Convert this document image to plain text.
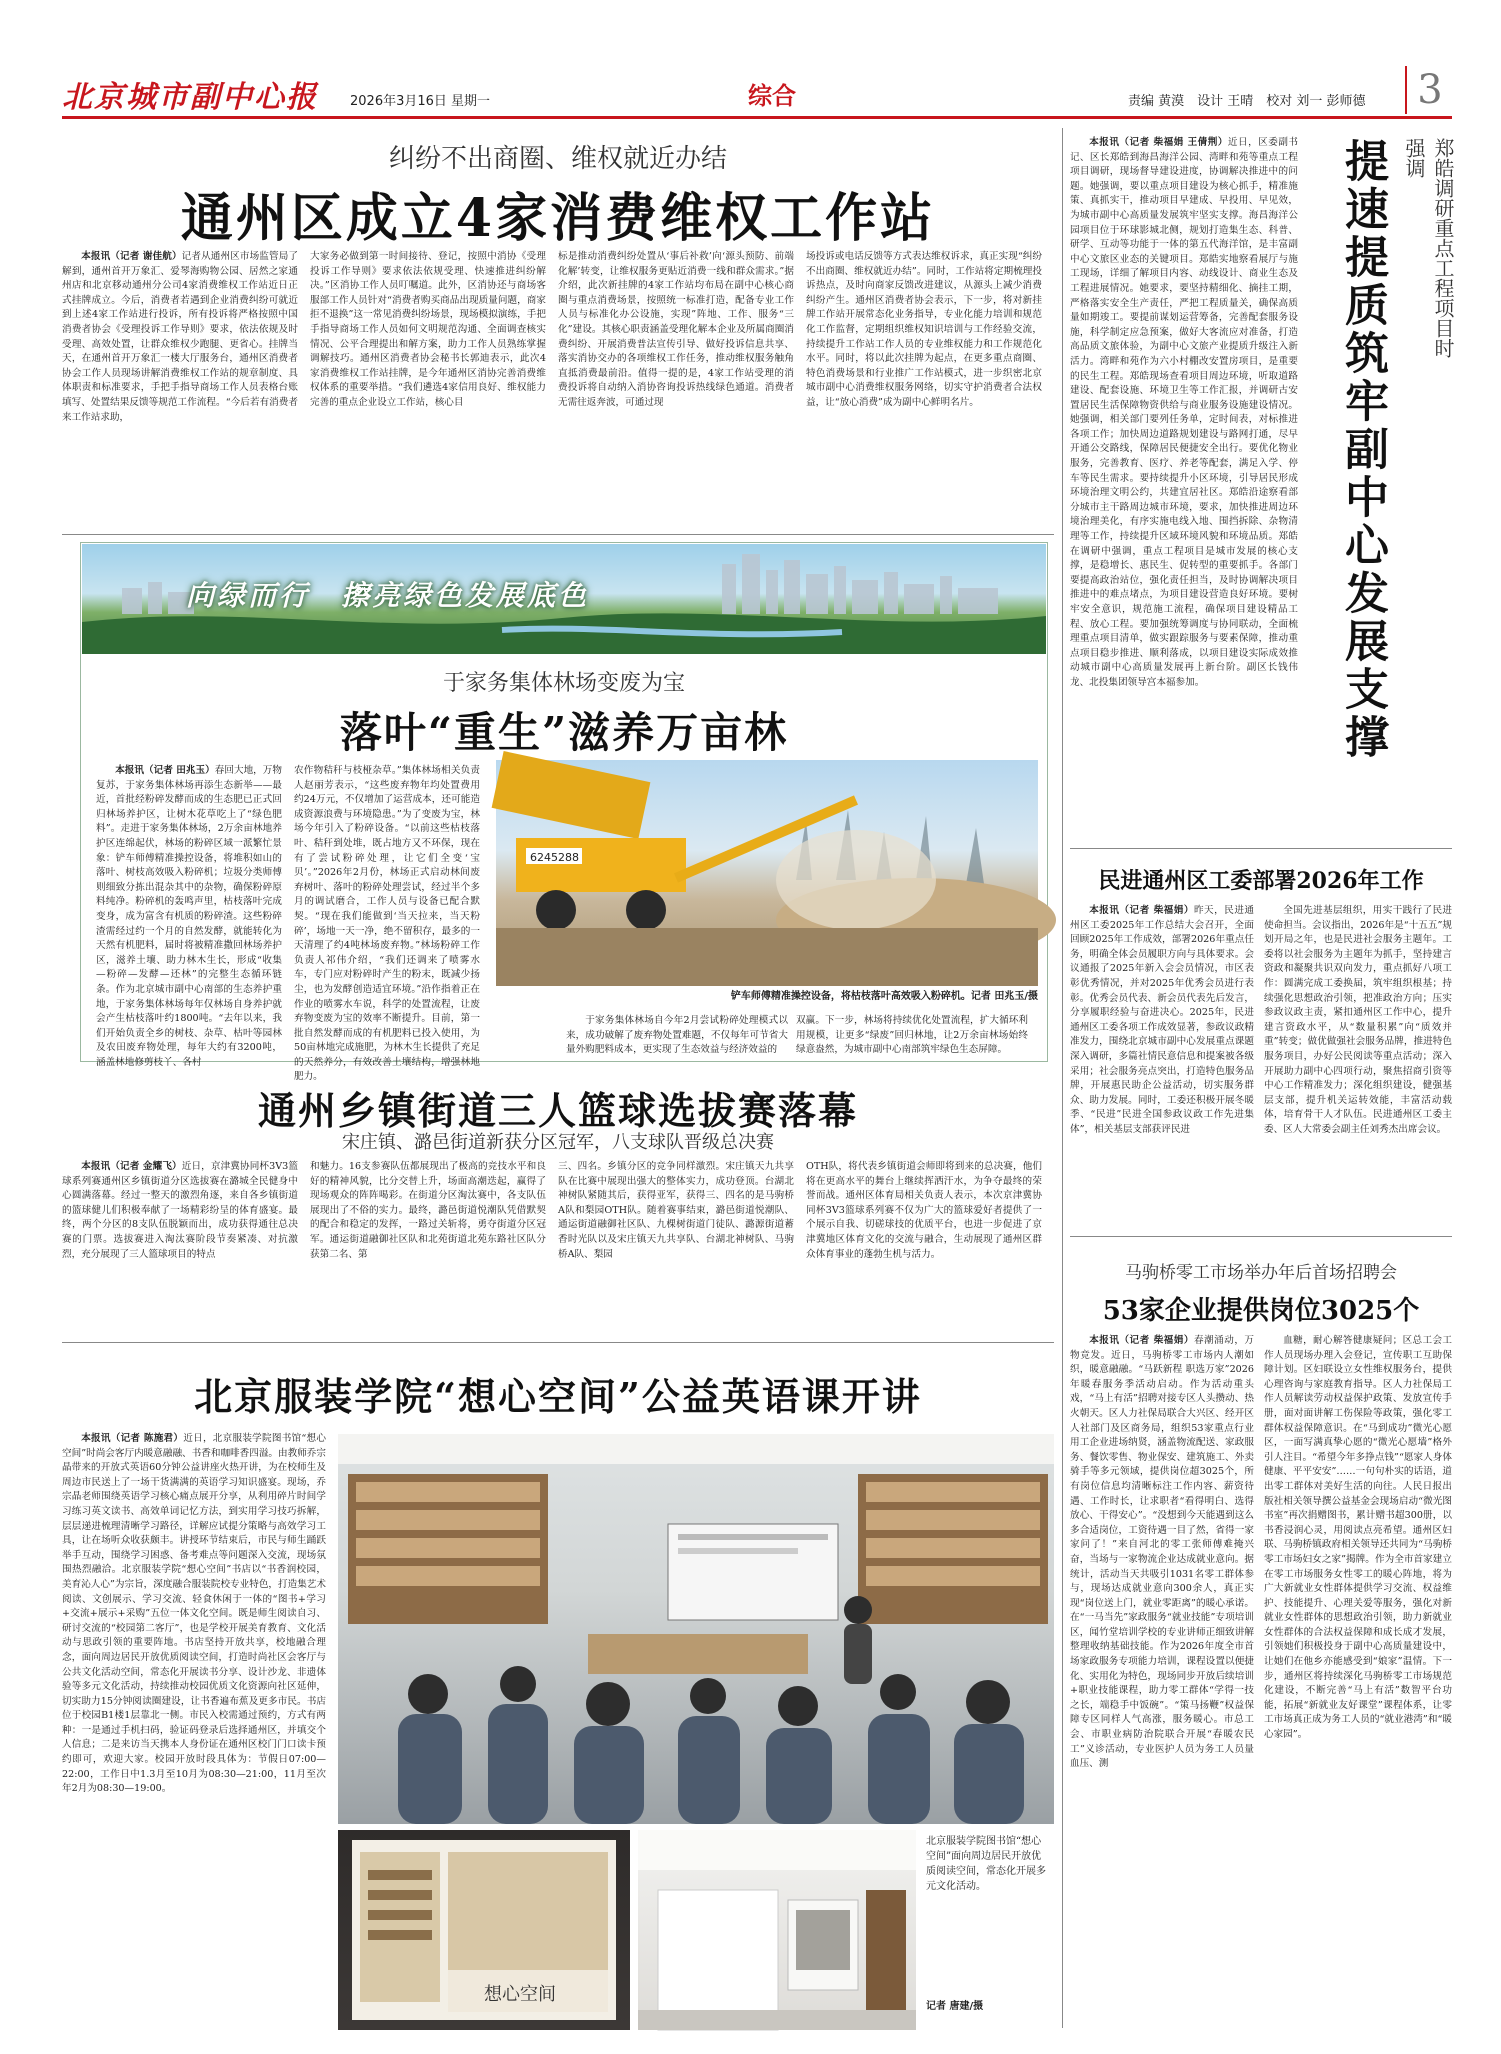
北京城市副中心报 2026年3月16日 星期一	综合	责编 黄漠　设计 王晴　校对 刘一 彭师德	3
纠纷不出商圈、维权就近办结
通州区成立4家消费维权工作站
本报讯（记者 谢佳航）记者从通州区市场监管局了解到，通州首开万象汇、爱琴海购物公园、居然之家通州店和北京移动通州分公司4家消费维权工作站近日正式挂牌成立。今后，消费者若遇到企业消费纠纷可就近到上述4家工作站进行投诉，所有投诉将严格按照中国消费者协会《受理投诉工作导则》要求，依法依规及时受理、高效处置，让群众维权少跑腿、更省心。挂牌当天，在通州首开万象汇一楼大厅服务台，通州区消费者协会工作人员现场讲解消费维权工作站的规章制度、具体职责和标准要求，手把手指导商场工作人员表格台账填写、处置结果反馈等规范工作流程。“今后若有消费者来工作站求助，
大家务必做到第一时间接待、登记，按照中消协《受理投诉工作导则》要求依法依规受理、快速推进纠纷解决。”区消协工作人员叮嘱道。此外，区消协还与商场客服部工作人员针对“消费者购买商品出现质量问题，商家拒不退换”这一常见消费纠纷场景，现场模拟演练，手把手指导商场工作人员如何文明规范沟通、全面调查核实情况、公平合理提出和解方案，助力工作人员熟练掌握调解技巧。通州区消费者协会秘书长郭迪表示，此次4家消费维权工作站挂牌，是今年通州区消协完善消费维权体系的重要举措。“我们遴选4家信用良好、维权能力完善的重点企业设立工作站，核心目
标是推动消费纠纷处置从‘事后补救’向‘源头预防、前端化解’转变，让维权服务更贴近消费一线和群众需求。”据介绍，此次新挂牌的4家工作站均布局在副中心核心商圈与重点消费场景，按照统一标准打造，配备专业工作人员与标准化办公设施，实现”阵地、工作、服务“三化”建设。其核心职责涵盖受理化解本企业及所属商圈消费纠纷、开展消费普法宣传引导、做好投诉信息共享、落实消协交办的各项维权工作任务，推动维权服务触角直抵消费最前沿。值得一提的是，4家工作站受理的消费投诉将自动纳入消协咨询投诉热线绿色通道。消费者无需往返奔波，可通过现
场投诉或电话反馈等方式表达维权诉求，真正实现“纠纷不出商圈、维权就近办结”。同时，工作站将定期梳理投诉热点，及时向商家反馈改进建议，从源头上减少消费纠纷产生。通州区消费者协会表示，下一步，将对新挂牌工作站开展常态化业务指导，专业化能力培训和规范化工作监督，定期组织维权知识培训与工作经验交流，持续提升工作站工作人员的专业维权能力和工作规范化水平。同时，将以此次挂牌为起点，在更多重点商圈、特色消费场景和行业推广工作站模式，进一步织密北京城市副中心消费维权服务网络，切实守护消费者合法权益，让“放心消费”成为副中心鲜明名片。
向绿而行　擦亮绿色发展底色
于家务集体林场变废为宝
落叶“重生”滋养万亩林
本报讯（记者 田兆玉）春回大地，万物复苏，于家务集体林场再添生态新举——最近，首批经粉碎发酵而成的生态肥已正式回归林场养护区，让树木花草吃上了“绿色肥料”。走进于家务集体林场，2万余亩林地养护区连绵起伏，林场的粉碎区域一派繁忙景象：铲车师傅精准操控设备，将堆积如山的落叶、树枝高效吸入粉碎机；垃圾分类师傅则细致分拣出混杂其中的杂物，确保粉碎原料纯净。粉碎机的轰鸣声里，枯枝落叶完成变身，成为富含有机质的粉碎渣。这些粉碎渣需经过约一个月的自然发酵，就能转化为天然有机肥料，届时将被精准撒回林场养护区，滋养土壤、助力林木生长，形成“收集—粉碎—发酵—还林”的完整生态循环链条。作为北京城市副中心南部的生态养护重地，于家务集体林场每年仅林场自身养护就会产生枯枝落叶约1800吨。“去年以来，我们开始负责全乡的树枝、杂草、枯叶等园林及农田废弃物处理，每年大约有3200吨，涵盖林地修剪枝丫、各村
农作物秸秆与枝桠杂草。”集体林场相关负责人赵丽芳表示，“这些废弃物年均处置费用约24万元，不仅增加了运营成本，还可能造成资源浪费与环境隐患。”为了变废为宝，林场今年引入了粉碎设备。“以前这些枯枝落叶、秸秆到处堆，既占地方又不环保，现在有了尝试粉碎处理，让它们全变‘宝贝’。”2026年2月份，林场正式启动林间废弃树叶、落叶的粉碎处理尝试，经过半个多月的调试磨合，工作人员与设备已配合默契。“现在我们能做到‘当天拉来，当天粉碎’，场地一天一净，绝不留积存，最多的一天清理了约4吨林场废弃物。”林场粉碎工作负责人祁伟介绍，“我们还调来了喷雾水车，专门应对粉碎时产生的粉末，既减少扬尘，也为发酵创造适宜环境。”沿作指着正在作业的喷雾水车说，科学的处置流程，让废弃物变废为宝的效率不断提升。目前，第一批自然发酵而成的有机肥料已投入使用，为50亩林地完成施肥，为林木生长提供了充足的天然养分，有效改善土壤结构，增强林地肥力。
6245288
铲车师傅精准操控设备，将枯枝落叶高效吸入粉碎机。记者 田兆玉/摄
于家务集体林场自今年2月尝试粉碎处理模式以来，成功破解了废弃物处置难题，不仅每年可节省大量外购肥料成本，更实现了生态效益与经济效益的
双赢。下一步，林场将持续优化处置流程，扩大循环利用规模，让更多“绿废”回归林地，让2万余亩林场始终绿意盎然，为城市副中心南部筑牢绿色生态屏障。
通州乡镇街道三人篮球选拔赛落幕
宋庄镇、潞邑街道新获分区冠军，八支球队晋级总决赛
本报讯（记者 金耀飞）近日，京津冀协同杯3V3篮球系列赛通州区乡镇街道分区选拔赛在潞城全民健身中心圆满落幕。经过一整天的激烈角逐，来自各乡镇街道的篮球健儿们积极奉献了一场精彩纷呈的体育盛宴。最终，两个分区的8支队伍脱颖而出，成功获得通往总决赛的门票。选拔赛进入淘汰赛阶段节奏紧凑、对抗激烈，充分展现了三人篮球项目的特点
和魅力。16支参赛队伍都展现出了极高的竞技水平和良好的精神风貌，比分交替上升，场面高潮迭起，赢得了现场观众的阵阵喝彩。在街道分区淘汰赛中，各支队伍展现出了不俗的实力。最终，潞邑街道悦潮队凭借默契的配合和稳定的发挥，一路过关斩将，勇夺街道分区冠军。通运街道融御社区队和北苑街道北苑东路社区队分获第二名、第
三、四名。乡镇分区的竞争同样激烈。宋庄镇天九共享队在比赛中展现出强大的整体实力，成功登顶。台湖北神树队紧随其后，获得亚军，获得三、四名的是马驹桥A队和梨园OTH队。随着赛事结束，潞邑街道悦潮队、通运街道融御社区队、九棵树街道门徒队、潞源街道蓄香时光队以及宋庄镇天九共享队、台湖北神树队、马驹桥A队、梨园
OTH队，将代表乡镇街道会师即将到来的总决赛，他们将在更高水平的舞台上继续挥洒汗水，为争夺最终的荣誉而战。通州区体育局相关负责人表示，本次京津冀协同杯3V3篮球系列赛不仅为广大的篮球爱好者提供了一个展示自我、切磋球技的优质平台，也进一步促进了京津冀地区体育文化的交流与融合，生动展现了通州区群众体育事业的蓬勃生机与活力。
北京服装学院“想心空间”公益英语课开讲
本报讯（记者 陈施君）近日，北京服装学院图书馆“想心空间”时尚会客厅内暖意融融、书香和咖啡香四溢。由教师乔宗晶带来的开放式英语60分钟公益讲座火热开讲，为在校师生及周边市民送上了一场干货满满的英语学习知识盛宴。现场，乔宗晶老师围绕英语学习核心痛点展开分享，从利用碎片时间学习练习英文读书、高效单词记忆方法，到实用学习技巧拆解，层层递进梳理清晰学习路径，详解应试提分策略与高效学习工具，让在场听众收获颇丰。讲授环节结束后，市民与师生踊跃举手互动，围绕学习困惑、备考难点等问题深入交流，现场氛围热烈融洽。北京服装学院“想心空间”书店以“书香润校园，美育沁人心”为宗旨，深度融合服装院校专业特色，打造集艺术阅读、文创展示、学习交流、轻食休闲于一体的“图书+学习+交流+展示+采购”五位一体文化空间。既是师生阅读自习、研讨交流的“校园第二客厅”，也是学校开展美育教育、文化活动与思政引领的重要阵地。书店坚持开放共享，校地融合理念，面向周边居民开放优质阅读空间，打造时尚社区会客厅与公共文化活动空间，常态化开展读书分享、设计沙龙、非遗体验等多元文化活动，持续推动校园优质文化资源向社区延伸，切实助力15分钟阅读圈建设，让书香遍布蕉及更多市民。书店位于校园B1楼1层靠北一侧。市民入校需通过预约，方式有两种：一是通过手机扫码，验证码登录后选择通州区，并填交个人信息；二是来访当天携本人身份证在通州区校门门口读卡预约即可，欢迎大家。校园开放时段具体为：节假日07:00—22:00，工作日中1.3月至10月为08:30—21:00，11月至次年2月为08:30—19:00。
想心空间
北京服装学院图书馆“想心空间”面向周边居民开放优质阅读空间，常态化开展多元文化活动。
记者 唐建/摄
本报讯（记者 柴福娟 王倩荆）近日，区委副书记、区长郑皓到海昌海洋公园、湾畔和苑等重点工程项目调研，现场督导建设进度，协调解决推进中的问题。她强调，要以重点项目建设为核心抓手，精准施策、真抓实干，推动项目早建成、早投用、早见效，为城市副中心高质量发展筑牢坚实支撑。海昌海洋公园项目位于环球影城北侧，规划打造集生态、科普、研学、互动等功能于一体的第五代海洋馆，是丰富副中心文旅区业态的关键项目。郑皓实地察看展厅与施工现场，详细了解项目内容、动线设计、商业生态及工程进展情况。她要求，要坚持精细化、摘挂工期，严格落实安全生产责任，严把工程质量关，确保高质量如期竣工。要提前谋划运营筹备，完善配套服务设施，科学制定应急预案，做好大客流应对准备，打造高品质文旅体验，为副中心文旅产业提质升级注入新活力。湾畔和苑作为六小村棚改安置房项目，是重要的民生工程。郑皓现场查看项目周边环境，听取道路建设、配套设施、环境卫生等工作汇报，并调研古安置居民生活保障物资供给与商业服务设施建设情况。她强调，相关部门要列任务单，定时间表，对标推进各项工作；加快周边道路规划建设与路网打通，尽早开通公交路线，保障居民便捷安全出行。要优化物业服务，完善教育、医疗、养老等配套，满足入学、停车等民生需求。要持续提升小区环境，引导居民形成环境治理文明公约，共建宜居社区。郑皓沿途察看部分城市主干路周边城市环境，要求，加快推进周边环境治理美化，有序实施电线入地、围挡拆除、杂物清理等工作，持续提升区域环境风貌和环境品质。郑皓在调研中强调，重点工程项目是城市发展的核心支撑，是稳增长、惠民生、促转型的重要抓手。各部门要提高政治站位，强化责任担当，及时协调解决项目推进中的难点堵点，为项目建设营造良好环境。要树牢安全意识，规范施工流程，确保项目建设精品工程、放心工程。要加强统筹调度与协同联动，全面梳理重点项目清单，做实跟踪服务与要素保障，推动重点项目稳步推进、顺利落成，以项目建设实际成效推动城市副中心高质量发展再上新台阶。副区长钱伟龙、北投集团领导宫本福参加。
郑皓调研重点工程项目时强调
提速提质筑牢副中心发展支撑
民进通州区工委部署2026年工作
本报讯（记者 柴福娟）昨天，民进通州区工委2025年工作总结大会召开，全面回顾2025年工作成效，部署2026年重点任务，明确全体会员履职方向与具体要求。会议通报了2025年新入会会员情况，市区表彰优秀情况，并对2025年优秀会员进行表彰。优秀会员代表、新会员代表先后发言，分享履职经验与奋进决心。2025年，民进通州区工委各项工作成效显著，参政议政精准发力，围绕北京城市副中心发展重点课题深入调研，多篇社情民意信息和提案被各级采用；社会服务亮点突出，打造特色服务品牌，开展惠民助企公益活动，切实服务群众、助力发展。同时，工委还积极开展冬暖季、“民进”民进全国参政议政工作先进集体”，相关基层支部获评民进
全国先进基层组织，用实干践行了民进使命担当。会议指出，2026年是“十五五”规划开局之年，也是民进社会服务主题年。工委将以社会服务为主题年为抓手，坚持建言资政和凝聚共识双向发力，重点抓好八项工作：圆满完成工委换届，筑牢组织根基；持续强化思想政治引领，把准政治方向；压实参政议政主责，紧扣通州区工作中心，提升建言资政水平，从“数量积累”向“质效并重”转变；做优做强社会服务品牌，推进特色服务项目，办好公民阅读等重点活动；深入开展助力副中心四项行动，聚焦招商引资等中心工作精准发力；深化组织建设，健强基层支部，提升机关运转效能，丰富活动载体，培育骨干人才队伍。民进通州区工委主委、区人大常委会副主任刘秀杰出席会议。
马驹桥零工市场举办年后首场招聘会
53家企业提供岗位3025个
本报讯（记者 柴福娟）春潮涌动，万物竞发。近日，马驹桥零工市场内人潮如织，暖意融融。“马跃新程 职选万家”2026年暖春服务季活动启动。作为活动重头戏，“马上有活”招聘对接专区人头攒动、热火朝天。区人力社保局联合大兴区、经开区人社部门及区商务局，组织53家重点行业用工企业进场纳贤，涵盖物流配送、家政服务、餐饮零售、物业保安、建筑施工、外卖骑手等多元领域，提供岗位超3025个，所有岗位信息均清晰标注工作内容、薪资待遇、工作时长，让求职者“看得明白、选得放心、干得安心”。“没想到今天能遇到这么多合适岗位，工资待遇一目了然，省得一家家问了！”来自河北的零工张师傅难掩兴奋，当场与一家物流企业达成就业意向。据统计，活动当天共吸引1031名零工群体参与，现场达成就业意向300余人，真正实现“岗位送上门，就业零距离”的暖心承诺。在“一马当先”家政服务“就业技能”专项培训区，闻竹堂培训学校的专业讲师正细致讲解整理收纳基础技能。作为2026年度全市首场家政服务专项能力培训，课程设置以便捷化、实用化为特色，现场同步开放后续培训+职业技能课程，助力零工群体“学得一技之长，端稳手中饭碗”。“策马扬鞭”权益保障专区同样人气高涨，服务暖心。市总工会、市职业病防治院联合开展“春暖农民工”义诊活动，专业医护人员为务工人员量血压、测
血糖，耐心解答健康疑问；区总工会工作人员现场办理入会登记，宣传职工互助保障计划。区妇联设立女性维权服务台，提供心理咨询与家庭教育指导。区人力社保局工作人员解读劳动权益保护政策、发放宣传手册，面对面讲解工伤保险等政策，强化零工群体权益保障意识。在“马到成功”微光心愿区，一面写满真挚心愿的“微光心愿墙”格外引人注目。“希望今年多挣点钱”“愿家人身体健康、平平安安”……一句句朴实的话语，道出零工群体对美好生活的向往。人民日报出版社相关领导撰公益基金会现场启动“微光图书室”再次捐赠图书，累计赠书超300册，以书香浸润心灵，用阅读点亮希望。通州区妇联、马驹桥镇政府相关领导还共同为“马驹桥零工市场妇女之家”揭牌。作为全市首家建立在零工市场服务女性零工的暖心阵地，将为广大新就业女性群体提供学习交流、权益维护、技能提升、心理关爱等服务，强化对新就业女性群体的思想政治引领，助力新就业女性群体的合法权益保障和成长成才发展，引领她们积极投身于副中心高质量建设中，让她们在他乡亦能感受到“娘家”温情。下一步，通州区将持续深化马驹桥零工市场规范化建设，不断完善“马上有活”数智平台功能，拓展“新就业友好课堂”课程体系，让零工市场真正成为务工人员的“就业港湾”和“暖心家园”。
